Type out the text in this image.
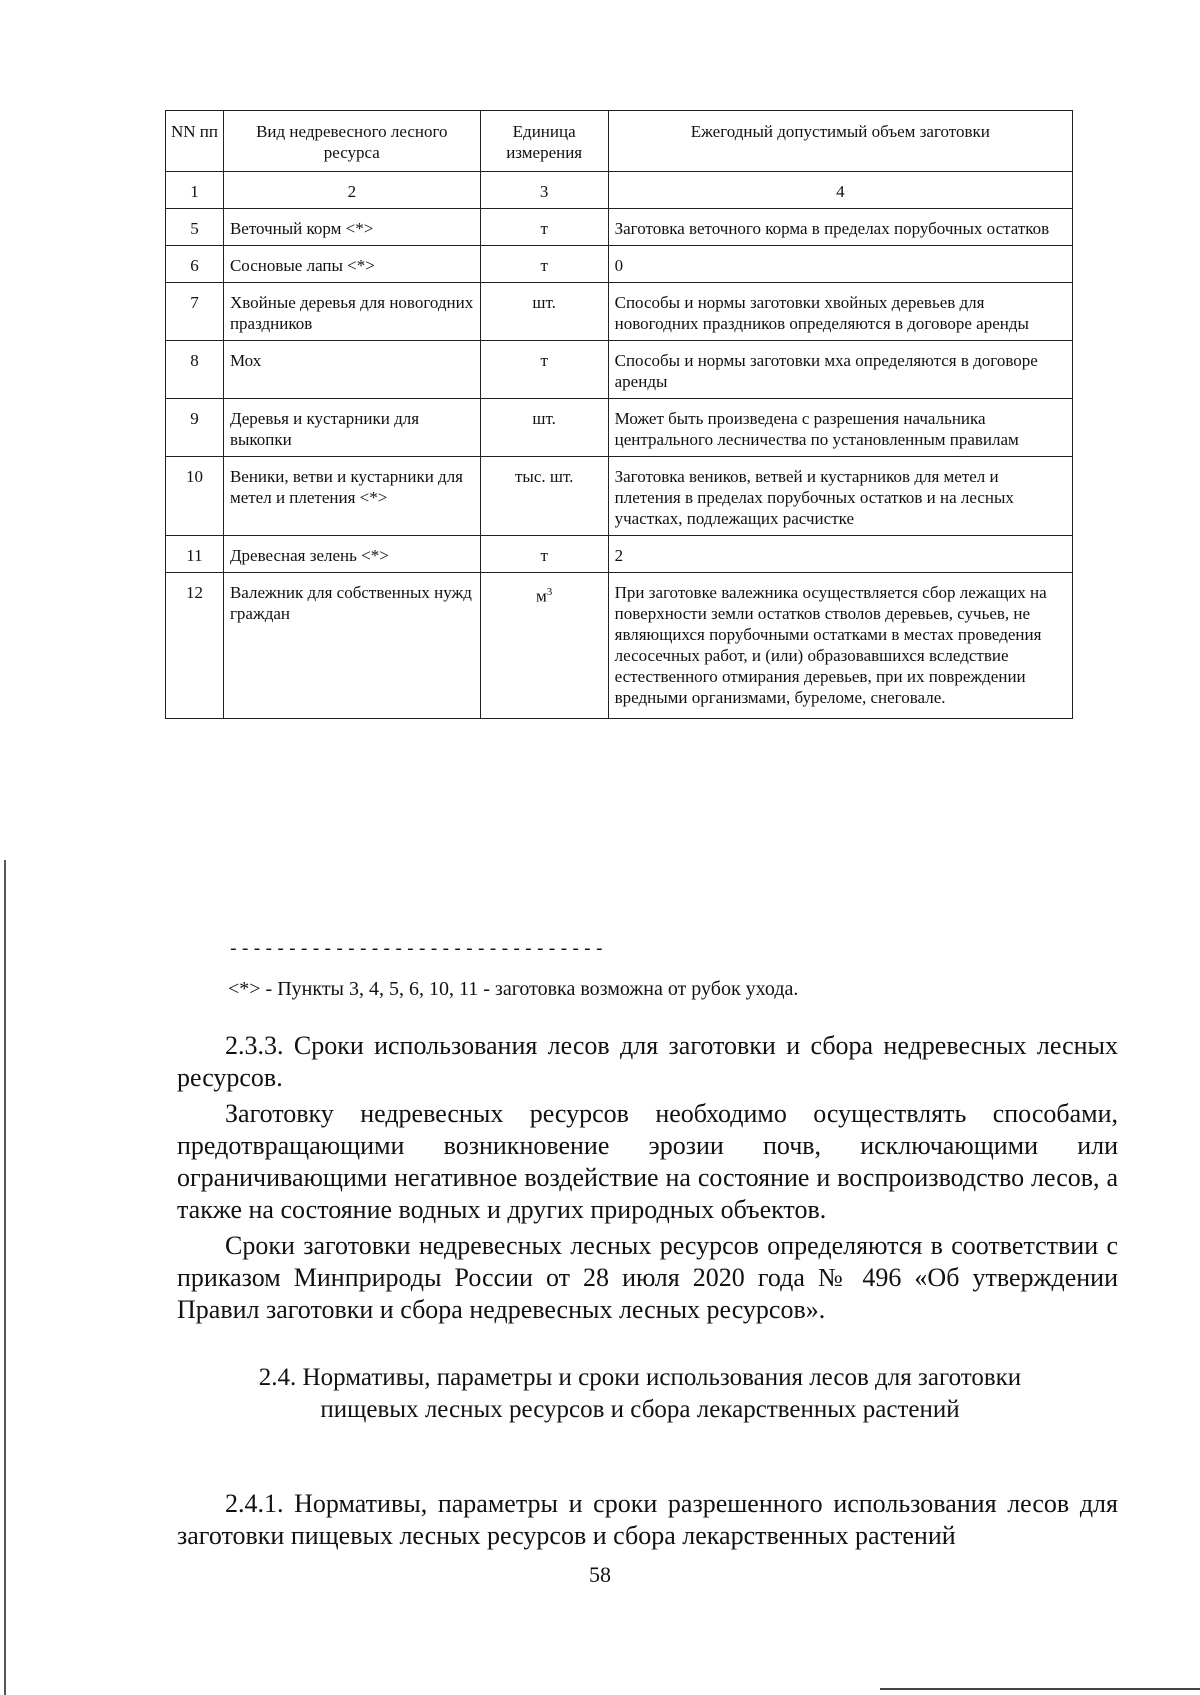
NN пп	Вид недревесного лесного ресурса	Единица измерения	Ежегодный допустимый объем заготовки
1	2	3	4
5	Веточный корм <*>	т	Заготовка веточного корма в пределах порубочных остатков
6	Сосновые лапы <*>	т	0
7	Хвойные деревья для новогодних праздников	шт.	Способы и нормы заготовки хвойных деревьев для новогодних праздников определяются в договоре аренды
8	Мох	т	Способы и нормы заготовки мха определяются в договоре аренды
9	Деревья и кустарники для выкопки	шт.	Может быть произведена с разрешения начальника центрального лесничества по установленным правилам
10	Веники, ветви и кустарники для метел и плетения <*>	тыс. шт.	Заготовка веников, ветвей и кустарников для метел и плетения в пределах порубочных остатков и на лесных участках, подлежащих расчистке
11	Древесная зелень <*>	т	2
12	Валежник для собственных нужд граждан	$м^3$	При заготовке валежника осуществляется сбор лежащих на поверхности земли остатков стволов деревьев, сучьев, не являющихся порубочными остатками в местах проведения лесосечных работ, и (или) образовавшихся вследствие естественного отмирания деревьев, при их повреждении вредными организмами, буреломе, снеговале.
--------------------------------
<*> - Пункты 3, 4, 5, 6, 10, 11 - заготовка возможна от рубок ухода.
2.3.3. Сроки использования лесов для заготовки и сбора недревесных лесных ресурсов.
Заготовку недревесных ресурсов необходимо осуществлять способами, предотвращающими возникновение эрозии почв, исключающими или ограничивающими негативное воздействие на состояние и воспроизводство лесов, а также на состояние водных и других природных объектов.
Сроки заготовки недревесных лесных ресурсов определяются в соответствии с приказом Минприроды России от 28 июля 2020 года № 496 «Об утверждении Правил заготовки и сбора недревесных лесных ресурсов».
2.4. Нормативы, параметры и сроки использования лесов для заготовки пищевых лесных ресурсов и сбора лекарственных растений
2.4.1. Нормативы, параметры и сроки разрешенного использования лесов для заготовки пищевых лесных ресурсов и сбора лекарственных растений
58
